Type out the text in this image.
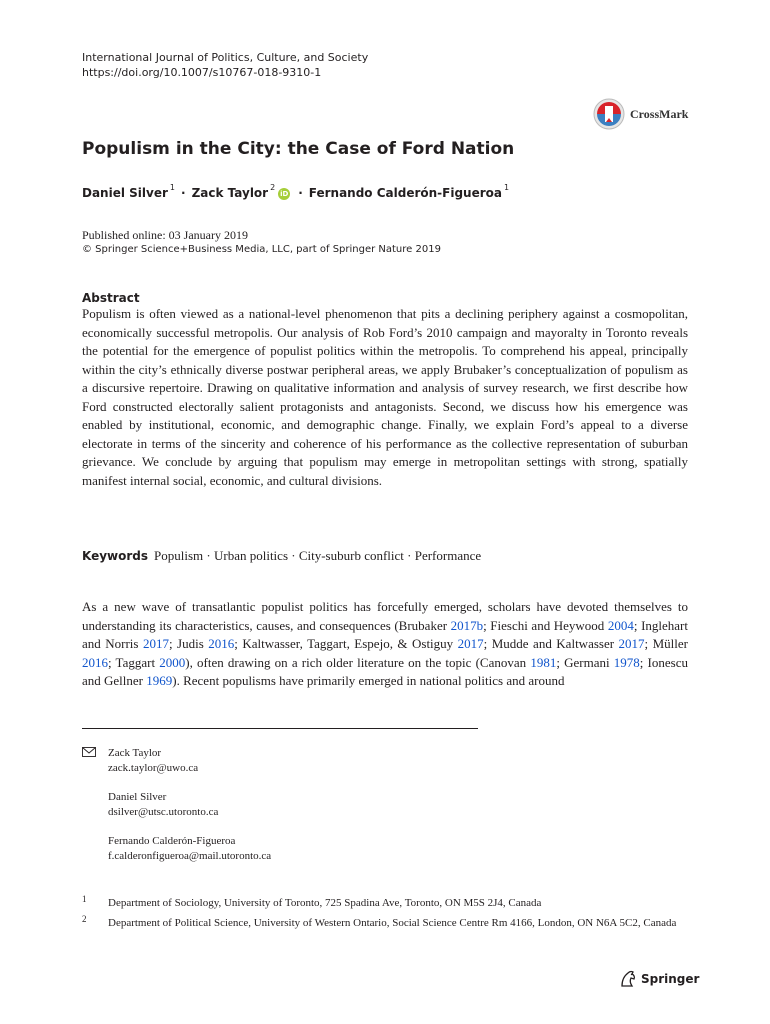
International Journal of Politics, Culture, and Society
https://doi.org/10.1007/s10767-018-9310-1
CrossMark
Populism in the City: the Case of Ford Nation
Daniel Silver $^1$ · Zack Taylor $^2$
iD · Fernando Calderón-Figueroa $^1$
Published online: 03 January 2019
© Springer Science+Business Media, LLC, part of Springer Nature 2019
Abstract
Populism is often viewed as a national-level phenomenon that pits a declining periphery against a cosmopolitan, economically successful metropolis. Our analysis of Rob Ford’s 2010 campaign and mayoralty in Toronto reveals the potential for the emergence of populist politics within the metropolis. To comprehend his appeal, principally within the city’s ethnically diverse postwar peripheral areas, we apply Brubaker’s conceptualization of populism as a discursive repertoire. Drawing on qualitative information and analysis of survey research, we first describe how Ford constructed electorally salient protagonists and antagonists. Second, we discuss how his emergence was enabled by institutional, economic, and demographic change. Finally, we explain Ford’s appeal to a diverse electorate in terms of the sincerity and coherence of his performance as the collective representation of suburban grievance. We conclude by arguing that populism may emerge in metropolitan settings with strong, spatially manifest internal social, economic, and cultural divisions.
Keywords Populism · Urban politics · City-suburb conflict · Performance
As a new wave of transatlantic populist politics has forcefully emerged, scholars have devoted themselves to understanding its characteristics, causes, and consequences (Brubaker 2017b; Fieschi and Heywood 2004; Inglehart and Norris 2017; Judis 2016; Kaltwasser, Taggart, Espejo, & Ostiguy 2017; Mudde and Kaltwasser 2017; Müller 2016; Taggart 2000), often drawing on a rich older literature on the topic (Canovan 1981; Germani 1978; Ionescu and Gellner 1969). Recent populisms have primarily emerged in national politics and around
Zack Taylor
zack.taylor@uwo.ca
Daniel Silver
dsilver@utsc.utoronto.ca
Fernando Calderón-Figueroa
f.calderonfigueroa@mail.utoronto.ca
1 Department of Sociology, University of Toronto, 725 Spadina Ave, Toronto, ON M5S 2J4, Canada
2 Department of Political Science, University of Western Ontario, Social Science Centre Rm 4166, London, ON N6A 5C2, Canada
Springer
